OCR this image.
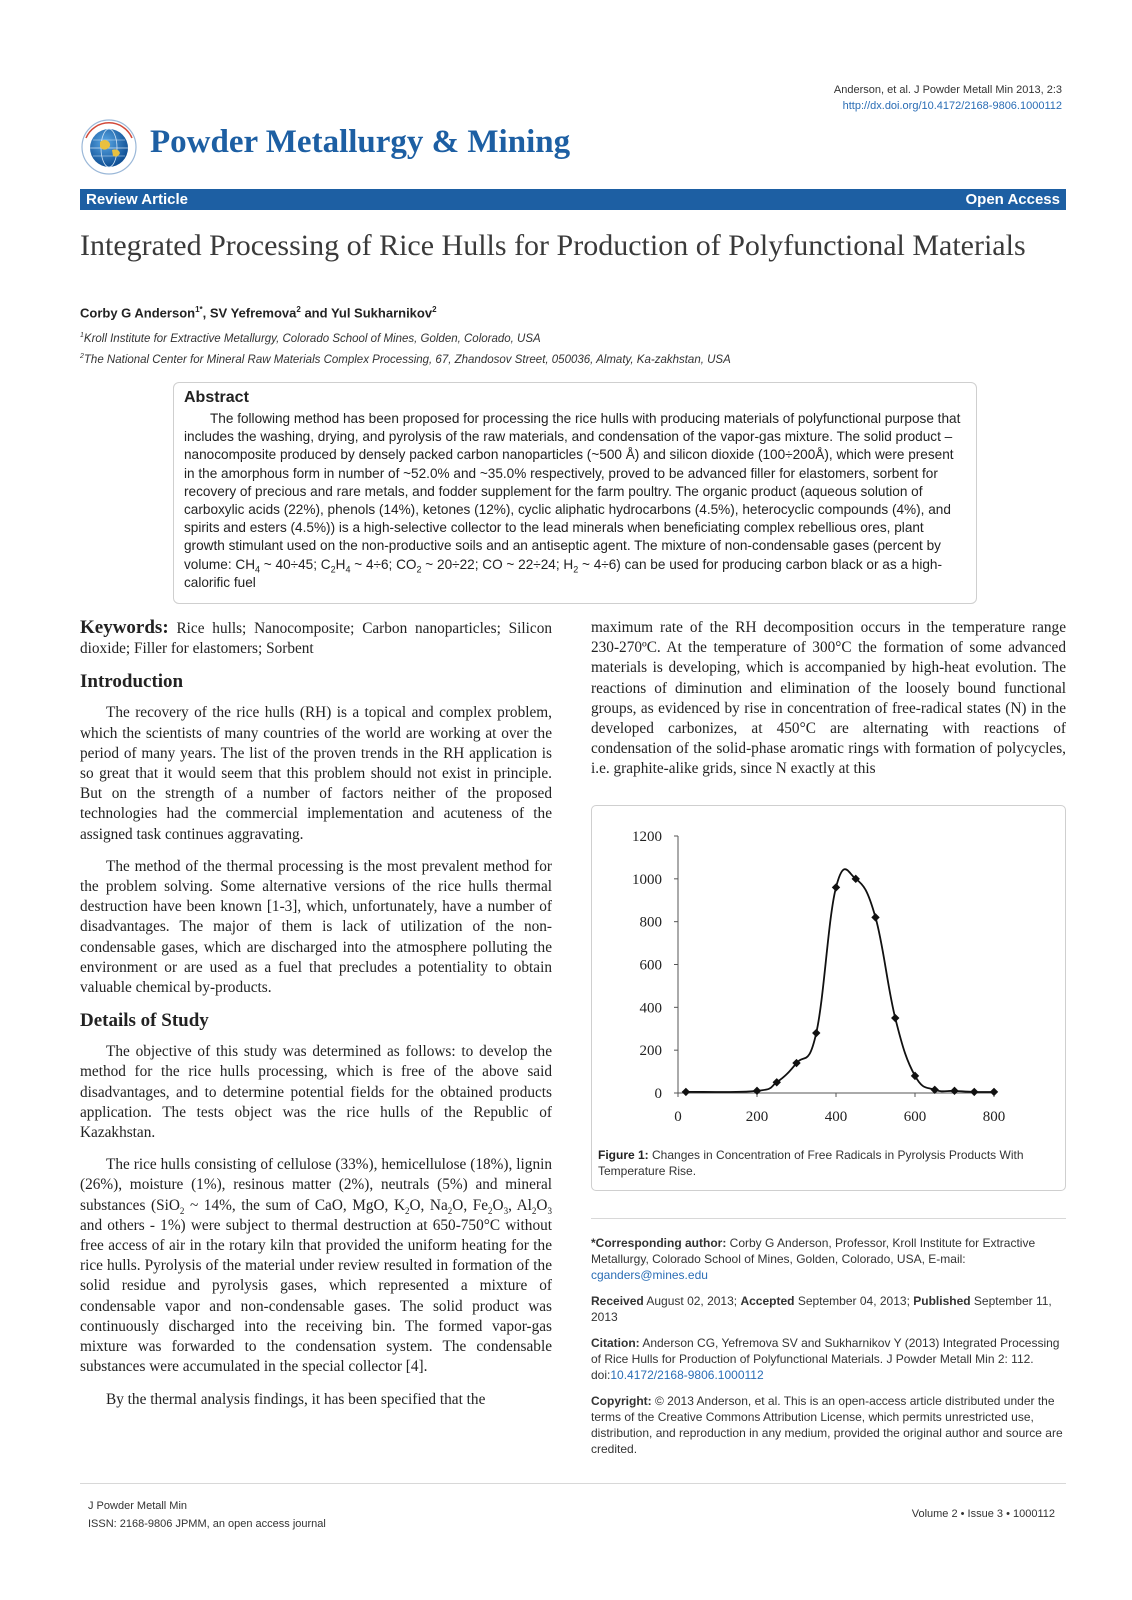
Anderson, et al. J Powder Metall Min 2013, 2:3
http://dx.doi.org/10.4172/2168-9806.1000112
Powder Metallurgy & Mining
Review Article	Open Access
Integrated Processing of Rice Hulls for Production of Polyfunctional Materials
Corby G Anderson$^{1*}$, SV Yefremova$^2$ and Yul Sukharnikov$^2$
$^1$Kroll Institute for Extractive Metallurgy, Colorado School of Mines, Golden, Colorado, USA
$^2$The National Center for Mineral Raw Materials Complex Processing, 67, Zhandosov Street, 050036, Almaty, Ka-zakhstan, USA
Abstract

The following method has been proposed for processing the rice hulls with producing materials of polyfunctional purpose that includes the washing, drying, and pyrolysis of the raw materials, and condensation of the vapor-gas mixture. The solid product – nanocomposite produced by densely packed carbon nanoparticles (~500 Å) and silicon dioxide (100÷200Å), which were present in the amorphous form in number of ~52.0% and ~35.0% respectively, proved to be advanced filler for elastomers, sorbent for recovery of precious and rare metals, and fodder supplement for the farm poultry. The organic product (aqueous solution of carboxylic acids (22%), phenols (14%), ketones (12%), cyclic aliphatic hydrocarbons (4.5%), heterocyclic compounds (4%), and spirits and esters (4.5%)) is a high-selective collector to the lead minerals when beneficiating complex rebellious ores, plant growth stimulant used on the non-productive soils and an antiseptic agent. The mixture of non-condensable gases (percent by volume: $CH_4$ ~ 40÷45; $C_2H_4$ ~ 4÷6; $CO_2$ ~ 20÷22; CO ~ 22÷24; $H_2$ ~ 4÷6) can be used for producing carbon black or as a high-calorific fuel

Keywords: Rice hulls; Nanocomposite; Carbon nanoparticles; Silicon dioxide; Filler for elastomers; Sorbent

Introduction

The recovery of the rice hulls (RH) is a topical and complex problem, which the scientists of many countries of the world are working at over the period of many years. The list of the proven trends in the RH application is so great that it would seem that this problem should not exist in principle. But on the strength of a number of factors neither of the proposed technologies had the commercial implementation and acuteness of the assigned task continues aggravating.

The method of the thermal processing is the most prevalent method for the problem solving. Some alternative versions of the rice hulls thermal destruction have been known [1-3], which, unfortunately, have a number of disadvantages. The major of them is lack of utilization of the non-condensable gases, which are discharged into the atmosphere polluting the environment or are used as a fuel that precludes a potentiality to obtain valuable chemical by-products.

Details of Study

The objective of this study was determined as follows: to develop the method for the rice hulls processing, which is free of the above said disadvantages, and to determine potential fields for the obtained products application. The tests object was the rice hulls of the Republic of Kazakhstan.

The rice hulls consisting of cellulose (33%), hemicellulose (18%), lignin (26%), moisture (1%), resinous matter (2%), neutrals (5%) and mineral substances (SiO$_2$ ~ 14%, the sum of CaO, MgO, $K_2O$, $Na_2O$, $Fe_2O_3$, $Al_2O_3$ and others - 1%) were subject to thermal destruction at 650-750°C without free access of air in the rotary kiln that provided the uniform heating for the rice hulls. Pyrolysis of the material under review resulted in formation of the solid residue and pyrolysis gases, which represented a mixture of condensable vapor and non-condensable gases. The solid product was continuously discharged into the receiving bin. The formed vapor-gas mixture was forwarded to the condensation system. The condensable substances were accumulated in the special collector [4].

By the thermal analysis findings, it has been specified that the

maximum rate of the RH decomposition occurs in the temperature range 230-270ºC. At the temperature of 300°C the formation of some advanced materials is developing, which is accompanied by high-heat evolution. The reactions of diminution and elimination of the loosely bound functional groups, as evidenced by rise in concentration of free-radical states (N) in the developed carbonizes, at 450°C are alternating with reactions of condensation of the solid-phase aromatic rings with formation of polycycles, i.e. graphite-alike grids, since N exactly at this

0
200
400
600
800
1000
1200
0	200	400	600	800
Figure 1: Changes in Concentration of Free Radicals in Pyrolysis Products With Temperature Rise.

*Corresponding author: Corby G Anderson, Professor, Kroll Institute for Extractive Metallurgy, Colorado School of Mines, Golden, Colorado, USA, E-mail: cganders@mines.edu

Received August 02, 2013; Accepted September 04, 2013; Published September 11, 2013

Citation: Anderson CG, Yefremova SV and Sukharnikov Y (2013) Integrated Processing of Rice Hulls for Production of Polyfunctional Materials. J Powder Metall Min 2: 112. doi:10.4172/2168-9806.1000112

Copyright: © 2013 Anderson, et al. This is an open-access article distributed under the terms of the Creative Commons Attribution License, which permits unrestricted use, distribution, and reproduction in any medium, provided the original author and source are credited.

J Powder Metall Min
ISSN: 2168-9806 JPMM, an open access journal
Volume 2 • Issue 3 • 1000112
